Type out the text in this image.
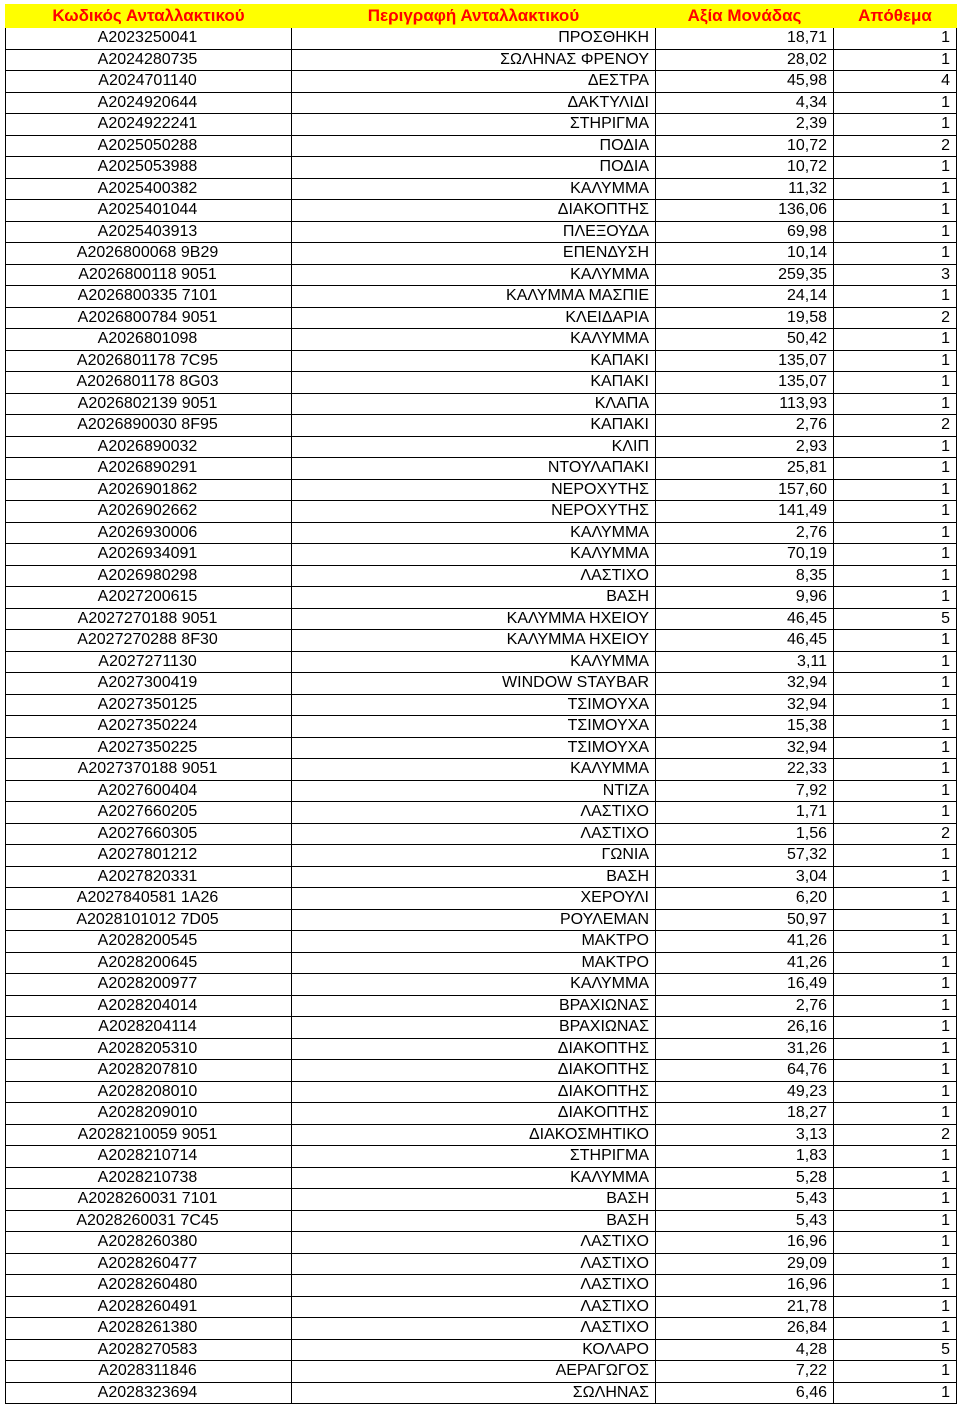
Κωδικός Ανταλλακτικού	Περιγραφή Ανταλλακτικού	Αξία Μονάδας	Απόθεμα
A2023250041	ΠΡΟΣΘΗΚΗ	18,71	1
A2024280735	ΣΩΛΗΝΑΣ ΦΡΕΝΟΥ	28,02	1
A2024701140	ΔΕΣΤΡΑ	45,98	4
A2024920644	ΔΑΚΤΥΛΙΔΙ	4,34	1
A2024922241	ΣΤΗΡΙΓΜΑ	2,39	1
A2025050288	ΠΟΔΙΑ	10,72	2
A2025053988	ΠΟΔΙΑ	10,72	1
A2025400382	ΚΑΛΥΜΜΑ	11,32	1
A2025401044	ΔΙΑΚΟΠΤΗΣ	136,06	1
A2025403913	ΠΛΕΞΟΥΔΑ	69,98	1
A2026800068 9B29	ΕΠΕΝΔΥΣΗ	10,14	1
A2026800118 9051	ΚΑΛΥΜΜΑ	259,35	3
A2026800335 7101	ΚΑΛΥΜΜΑ ΜΑΣΠΙΕ	24,14	1
A2026800784 9051	ΚΛΕΙΔΑΡΙΑ	19,58	2
A2026801098	ΚΑΛΥΜΜΑ	50,42	1
A2026801178 7C95	ΚΑΠΑΚΙ	135,07	1
A2026801178 8G03	ΚΑΠΑΚΙ	135,07	1
A2026802139 9051	ΚΛΑΠΑ	113,93	1
A2026890030 8F95	ΚΑΠΑΚΙ	2,76	2
A2026890032	ΚΛΙΠ	2,93	1
A2026890291	ΝΤΟΥΛΑΠΑΚΙ	25,81	1
A2026901862	ΝΕΡΟΧΥΤΗΣ	157,60	1
A2026902662	ΝΕΡΟΧΥΤΗΣ	141,49	1
A2026930006	ΚΑΛΥΜΜΑ	2,76	1
A2026934091	ΚΑΛΥΜΜΑ	70,19	1
A2026980298	ΛΑΣΤΙΧΟ	8,35	1
A2027200615	ΒΑΣΗ	9,96	1
A2027270188 9051	ΚΑΛΥΜΜΑ ΗΧΕΙΟΥ	46,45	5
A2027270288 8F30	ΚΑΛΥΜΜΑ ΗΧΕΙΟΥ	46,45	1
A2027271130	ΚΑΛΥΜΜΑ	3,11	1
A2027300419	WINDOW STAYBAR	32,94	1
A2027350125	ΤΣΙΜΟΥΧΑ	32,94	1
A2027350224	ΤΣΙΜΟΥΧΑ	15,38	1
A2027350225	ΤΣΙΜΟΥΧΑ	32,94	1
A2027370188 9051	ΚΑΛΥΜΜΑ	22,33	1
A2027600404	ΝΤΙΖΑ	7,92	1
A2027660205	ΛΑΣΤΙΧΟ	1,71	1
A2027660305	ΛΑΣΤΙΧΟ	1,56	2
A2027801212	ΓΩΝΙΑ	57,32	1
A2027820331	ΒΑΣΗ	3,04	1
A2027840581 1A26	ΧΕΡΟΥΛΙ	6,20	1
A2028101012 7D05	ΡΟΥΛΕΜΑΝ	50,97	1
A2028200545	ΜΑΚΤΡΟ	41,26	1
A2028200645	ΜΑΚΤΡΟ	41,26	1
A2028200977	ΚΑΛΥΜΜΑ	16,49	1
A2028204014	ΒΡΑΧΙΩΝΑΣ	2,76	1
A2028204114	ΒΡΑΧΙΩΝΑΣ	26,16	1
A2028205310	ΔΙΑΚΟΠΤΗΣ	31,26	1
A2028207810	ΔΙΑΚΟΠΤΗΣ	64,76	1
A2028208010	ΔΙΑΚΟΠΤΗΣ	49,23	1
A2028209010	ΔΙΑΚΟΠΤΗΣ	18,27	1
A2028210059 9051	ΔΙΑΚΟΣΜΗΤΙΚΟ	3,13	2
A2028210714	ΣΤΗΡΙΓΜΑ	1,83	1
A2028210738	ΚΑΛΥΜΜΑ	5,28	1
A2028260031 7101	ΒΑΣΗ	5,43	1
A2028260031 7C45	ΒΑΣΗ	5,43	1
A2028260380	ΛΑΣΤΙΧΟ	16,96	1
A2028260477	ΛΑΣΤΙΧΟ	29,09	1
A2028260480	ΛΑΣΤΙΧΟ	16,96	1
A2028260491	ΛΑΣΤΙΧΟ	21,78	1
A2028261380	ΛΑΣΤΙΧΟ	26,84	1
A2028270583	ΚΟΛΑΡΟ	4,28	5
A2028311846	ΑΕΡΑΓΩΓΟΣ	7,22	1
A2028323694	ΣΩΛΗΝΑΣ	6,46	1
